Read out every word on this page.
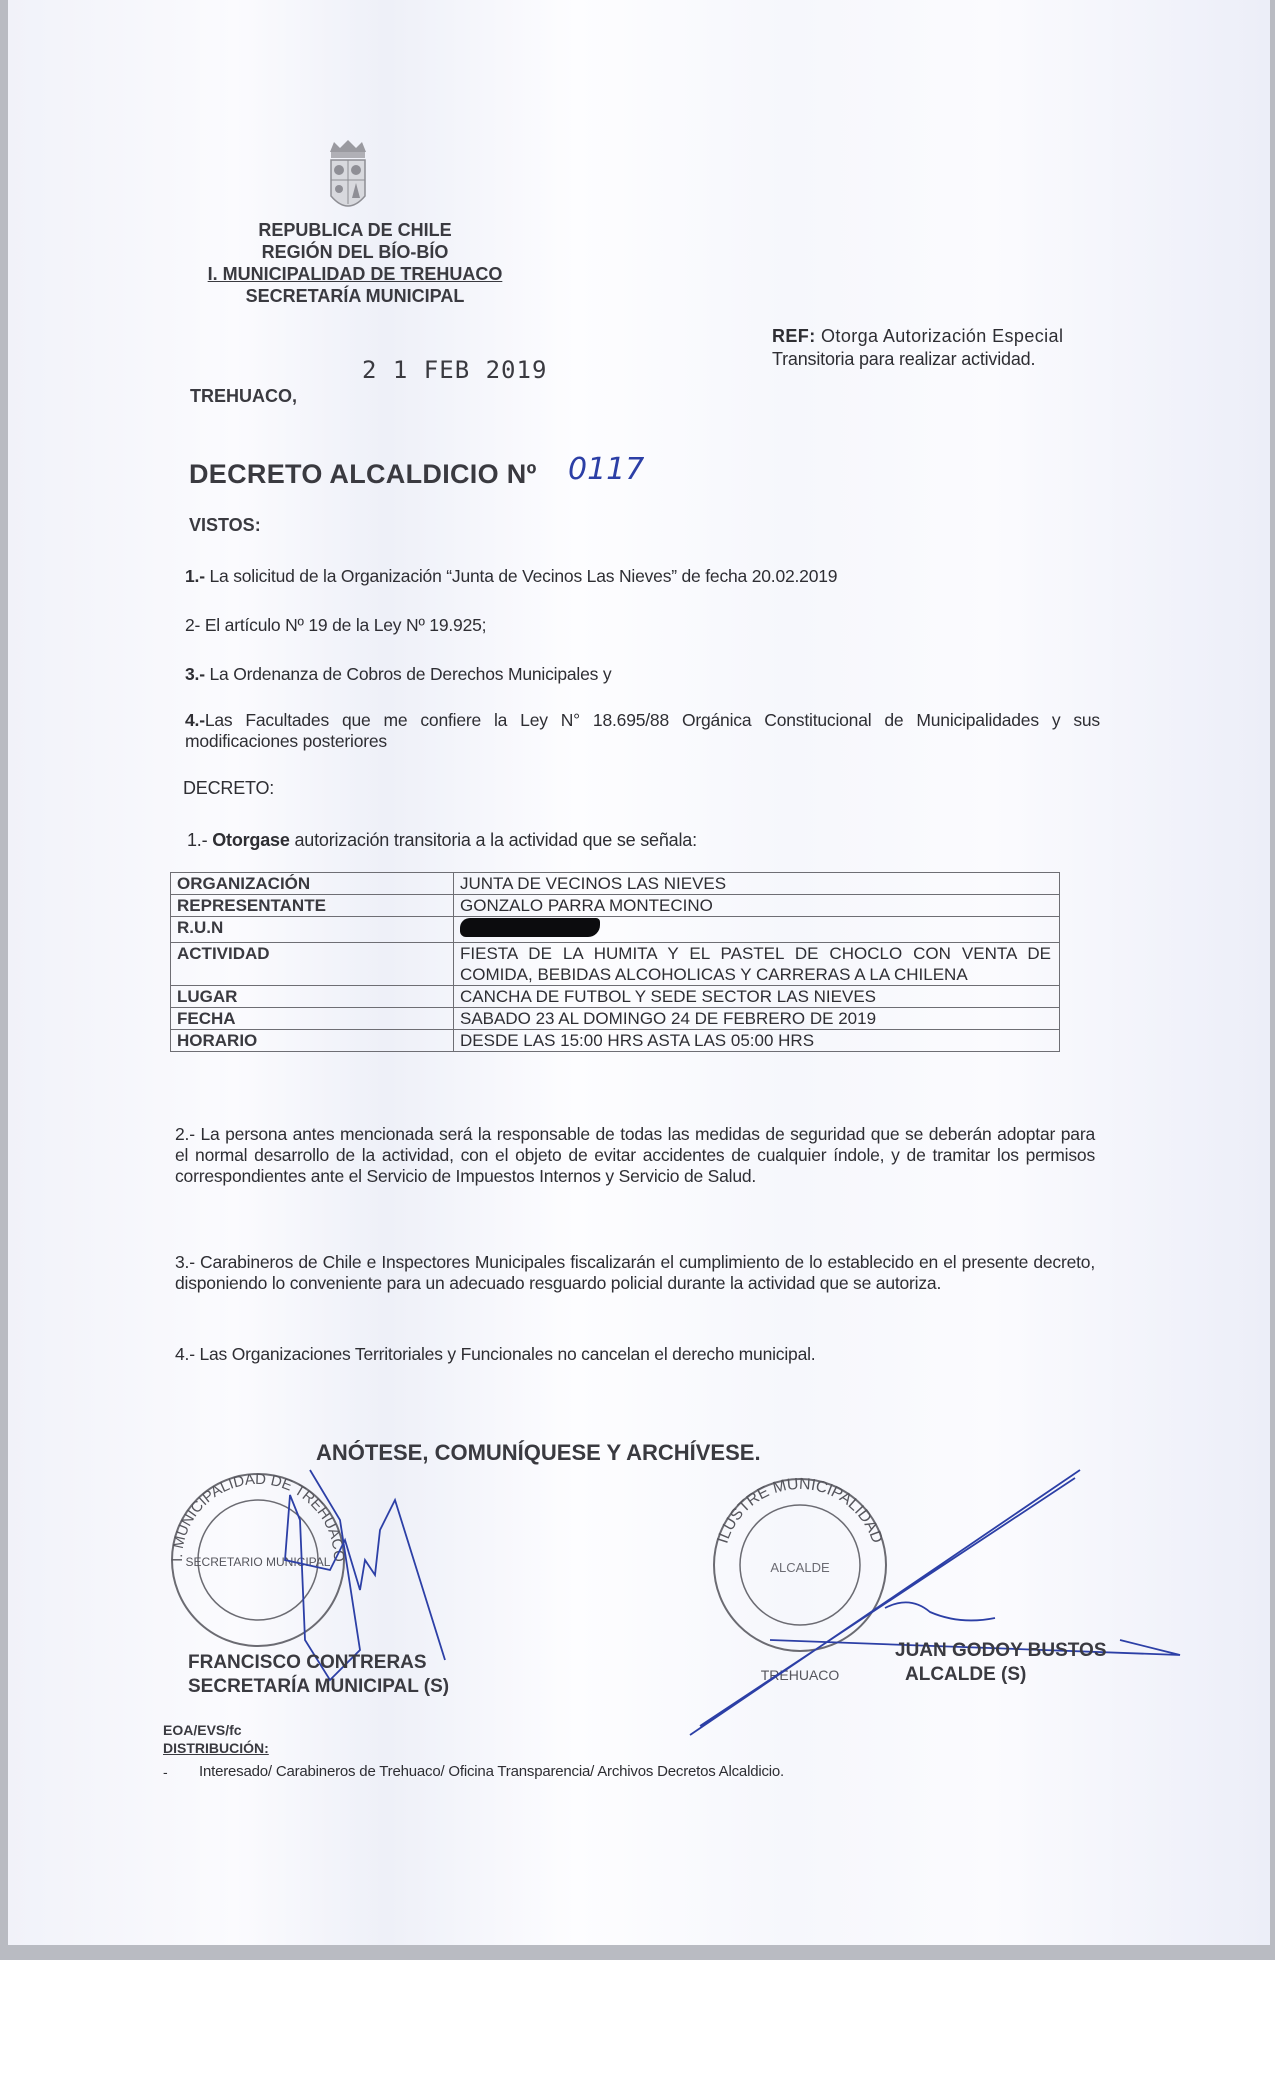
REPUBLICA DE CHILE
REGIÓN DEL BÍO-BÍO
I. MUNICIPALIDAD DE TREHUACO
SECRETARÍA MUNICIPAL
REF: Otorga Autorización Especial
Transitoria para realizar actividad.
2 1 FEB 2019
TREHUACO,
DECRETO ALCALDICIO Nº 0117
VISTOS:
1.- La solicitud de la Organización “Junta de Vecinos Las Nieves” de fecha 20.02.2019
2- El artículo Nº 19 de la Ley Nº 19.925;
3.- La Ordenanza de Cobros de Derechos Municipales y
4.-Las Facultades que me confiere la Ley N° 18.695/88 Orgánica Constitucional de Municipalidades y sus modificaciones posteriores
DECRETO:
1.- Otorgase autorización transitoria a la actividad que se señala:
ORGANIZACIÓN	JUNTA DE VECINOS LAS NIEVES
REPRESENTANTE	GONZALO PARRA MONTECINO
R.U.N	
ACTIVIDAD	FIESTA DE LA HUMITA Y EL PASTEL DE CHOCLO CON VENTA DE COMIDA, BEBIDAS ALCOHOLICAS Y CARRERAS A LA CHILENA
LUGAR	CANCHA DE FUTBOL Y SEDE SECTOR LAS NIEVES
FECHA	SABADO 23 AL DOMINGO 24 DE FEBRERO DE 2019
HORARIO	DESDE LAS 15:00 HRS ASTA LAS 05:00 HRS
2.- La persona antes mencionada será la responsable de todas las medidas de seguridad que se deberán adoptar para el normal desarrollo de la actividad, con el objeto de evitar accidentes de cualquier índole, y de tramitar los permisos correspondientes ante el Servicio de Impuestos Internos y Servicio de Salud.
3.- Carabineros de Chile e Inspectores Municipales fiscalizarán el cumplimiento de lo establecido en el presente decreto, disponiendo lo conveniente para un adecuado resguardo policial durante la actividad que se autoriza.
4.- Las Organizaciones Territoriales y Funcionales no cancelan el derecho municipal.
ANÓTESE, COMUNÍQUESE Y ARCHÍVESE.
I. MUNICIPALIDAD DE TREHUACO
SECRETARIO MUNICIPAL
ILUSTRE MUNICIPALIDAD
ALCALDE
TREHUACO
FRANCISCO CONTRERAS
SECRETARÍA MUNICIPAL (S)
JUAN GODOY BUSTOS
ALCALDE (S)
EOA/EVS/fc
DISTRIBUCIÓN:
- Interesado/ Carabineros de Trehuaco/ Oficina Transparencia/ Archivos Decretos Alcaldicio.
